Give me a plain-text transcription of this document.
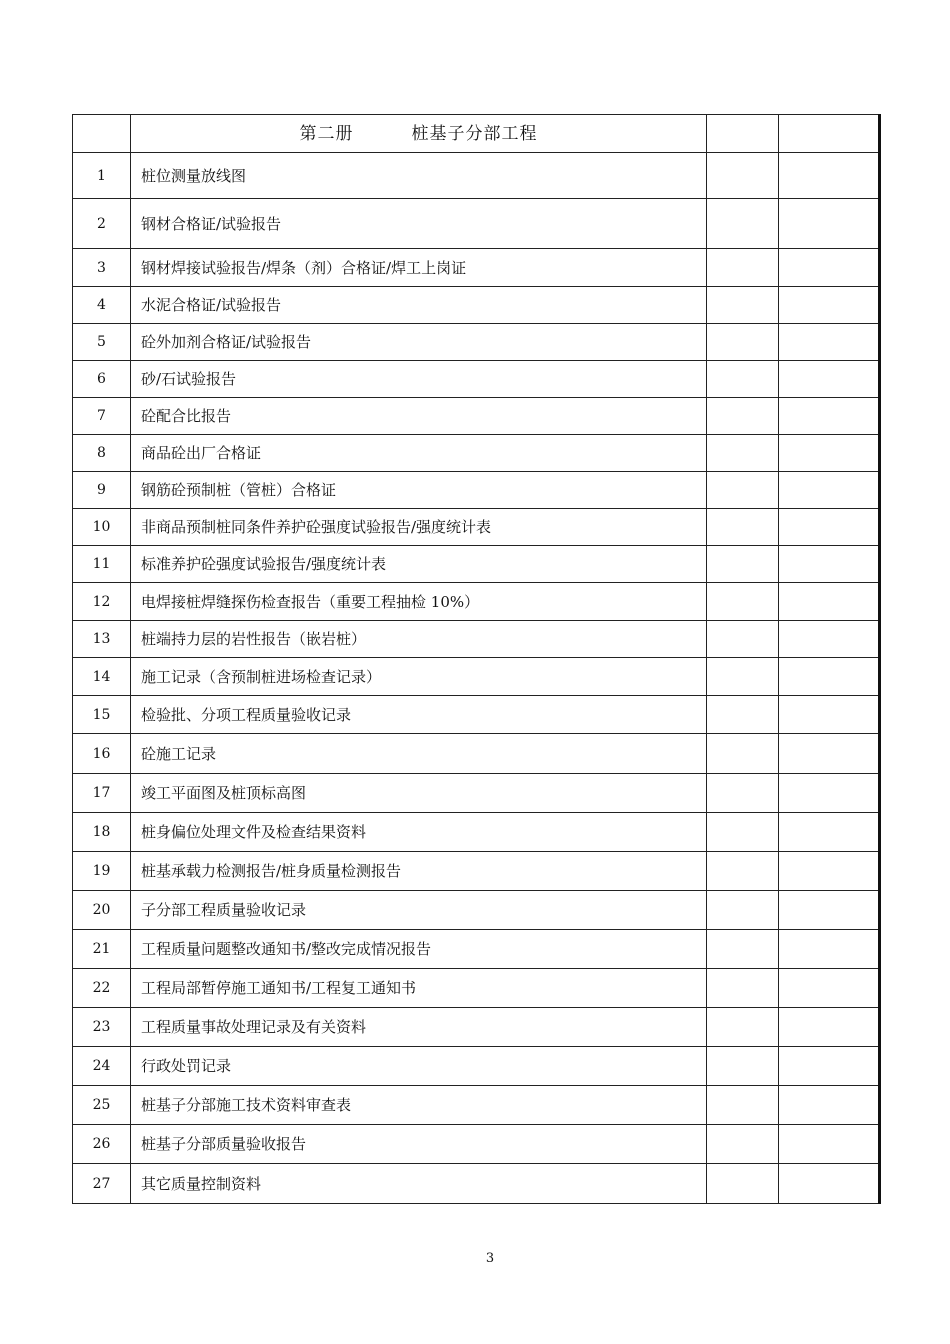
	第二册 桩基子分部工程		
1	桩位测量放线图		
2	钢材合格证/试验报告		
3	钢材焊接试验报告/焊条（剂）合格证/焊工上岗证		
4	水泥合格证/试验报告		
5	砼外加剂合格证/试验报告		
6	砂/石试验报告		
7	砼配合比报告		
8	商品砼出厂合格证		
9	钢筋砼预制桩（管桩）合格证		
10	非商品预制桩同条件养护砼强度试验报告/强度统计表		
11	标准养护砼强度试验报告/强度统计表		
12	电焊接桩焊缝探伤检查报告（重要工程抽检 10%）		
13	桩端持力层的岩性报告（嵌岩桩）		
14	施工记录（含预制桩进场检查记录）		
15	检验批、分项工程质量验收记录		
16	砼施工记录		
17	竣工平面图及桩顶标高图		
18	桩身偏位处理文件及检查结果资料		
19	桩基承载力检测报告/桩身质量检测报告		
20	子分部工程质量验收记录		
21	工程质量问题整改通知书/整改完成情况报告		
22	工程局部暂停施工通知书/工程复工通知书		
23	工程质量事故处理记录及有关资料		
24	行政处罚记录		
25	桩基子分部施工技术资料审查表		
26	桩基子分部质量验收报告		
27	其它质量控制资料		
3
